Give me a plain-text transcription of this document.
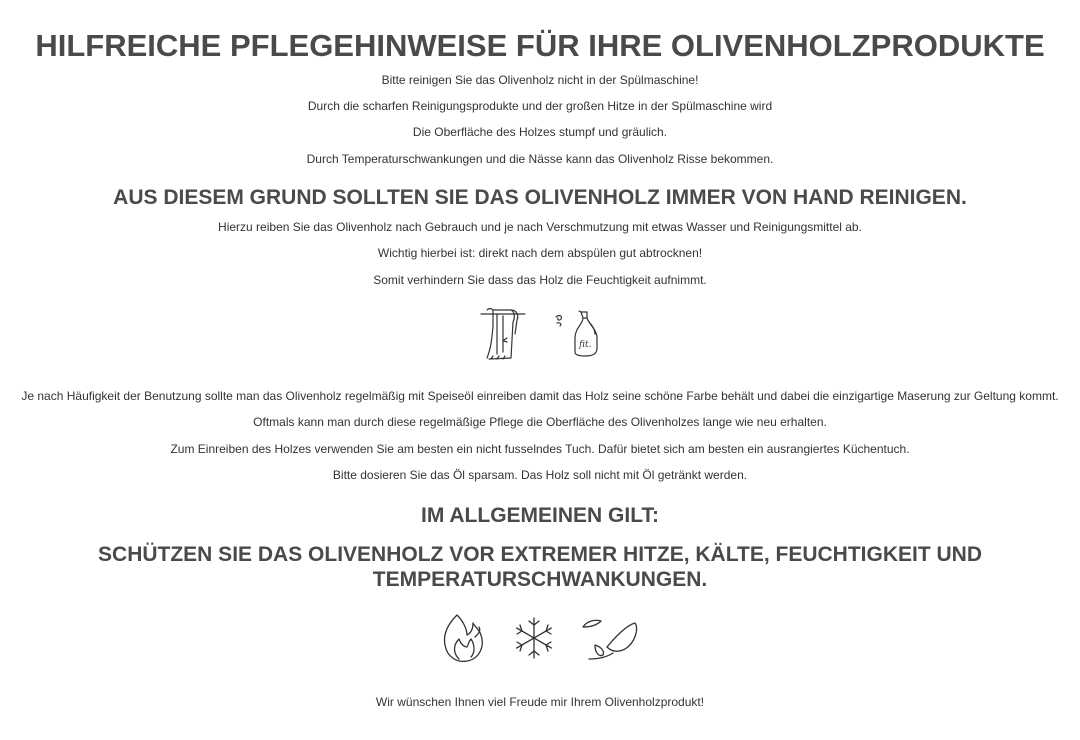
HILFREICHE PFLEGEHINWEISE FÜR IHRE OLIVENHOLZPRODUKTE

Bitte reinigen Sie das Olivenholz nicht in der Spülmaschine!

Durch die scharfen Reinigungsprodukte und der großen Hitze in der Spülmaschine wird

Die Oberfläche des Holzes stumpf und gräulich.

Durch Temperaturschwankungen und die Nässe kann das Olivenholz Risse bekommen.

AUS DIESEM GRUND SOLLTEN SIE DAS OLIVENHOLZ IMMER VON HAND REINIGEN.

Hierzu reiben Sie das Olivenholz nach Gebrauch und je nach Verschmutzung mit etwas Wasser und Reinigungsmittel ab.

Wichtig hierbei ist: direkt nach dem abspülen gut abtrocknen!

Somit verhindern Sie dass das Holz die Feuchtigkeit aufnimmt.

fit.

Je nach Häufigkeit der Benutzung sollte man das Olivenholz regelmäßig mit Speiseöl einreiben damit das Holz seine schöne Farbe behält und dabei die einzigartige Maserung zur Geltung kommt.

Oftmals kann man durch diese regelmäßige Pflege die Oberfläche des Olivenholzes lange wie neu erhalten.

Zum Einreiben des Holzes verwenden Sie am besten ein nicht fusselndes Tuch. Dafür bietet sich am besten ein ausrangiertes Küchentuch.

Bitte dosieren Sie das Öl sparsam. Das Holz soll nicht mit Öl getränkt werden.

IM ALLGEMEINEN GILT:
SCHÜTZEN SIE DAS OLIVENHOLZ VOR EXTREMER HITZE, KÄLTE, FEUCHTIGKEIT UND
TEMPERATURSCHWANKUNGEN.

Wir wünschen Ihnen viel Freude mir Ihrem Olivenholzprodukt!
